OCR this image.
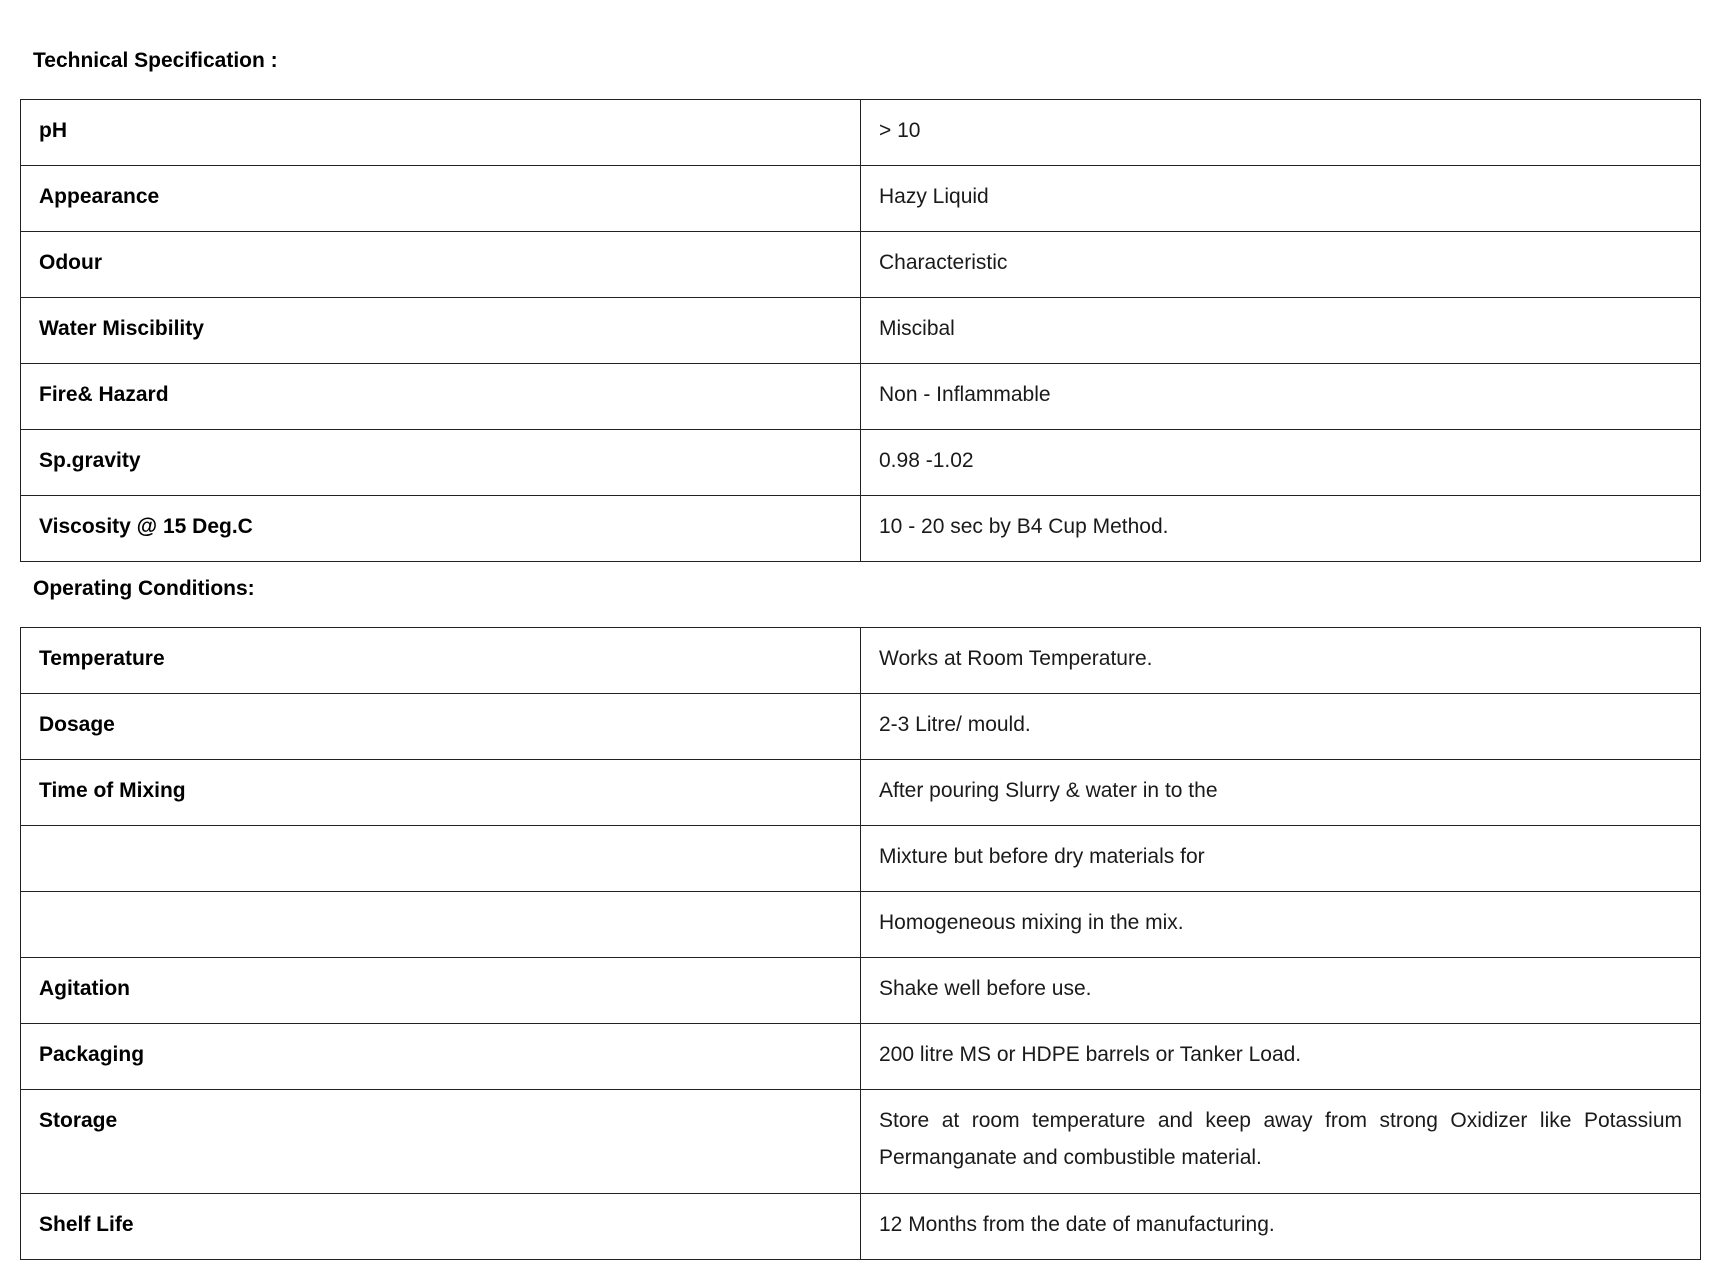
Technical Specification :
pH	> 10

Appearance	Hazy Liquid

Odour	Characteristic

Water Miscibility	Miscibal

Fire& Hazard	Non - Inflammable

Sp.gravity	0.98 -1.02

Viscosity @ 15 Deg.C	10 - 20 sec by B4 Cup Method.
Operating Conditions:
Temperature	Works at Room Temperature.

Dosage	2-3 Litre/ mould.

Time of Mixing	After pouring Slurry & water in to the

	Mixture but before dry materials for

	Homogeneous mixing in the mix.

Agitation	Shake well before use.

Packaging	200 litre MS or HDPE barrels or Tanker Load.

Storage	Store at room temperature and keep away from strong Oxidizer like Potassium Permanganate and combustible material.

Shelf Life	12 Months from the date of manufacturing.
